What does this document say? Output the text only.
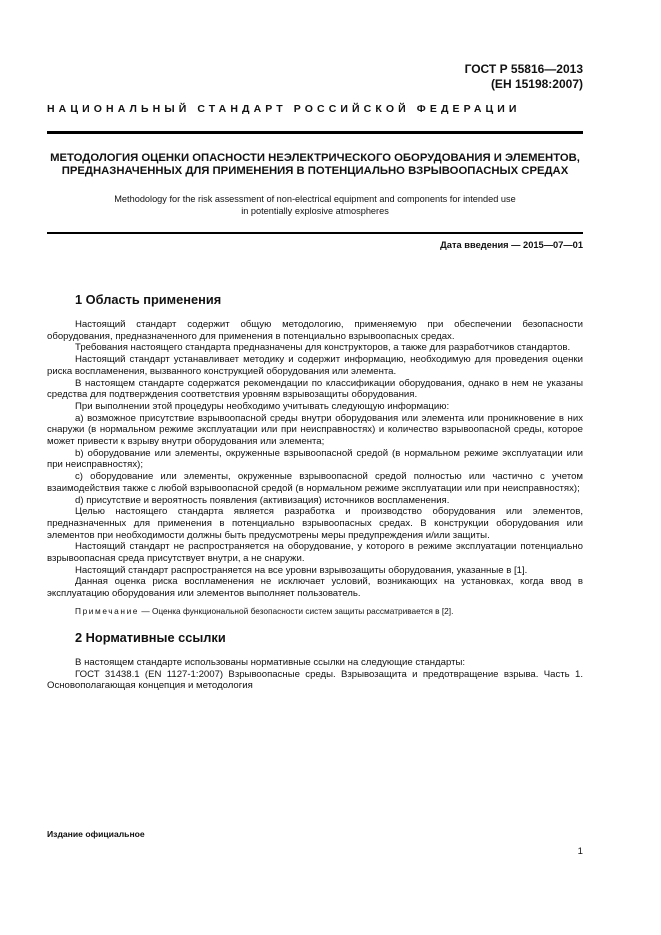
ГОСТ Р 55816—2013
(ЕН 15198:2007)
НАЦИОНАЛЬНЫЙ СТАНДАРТ РОССИЙСКОЙ ФЕДЕРАЦИИ
МЕТОДОЛОГИЯ ОЦЕНКИ ОПАСНОСТИ НЕЭЛЕКТРИЧЕСКОГО ОБОРУДОВАНИЯ И ЭЛЕМЕНТОВ,
ПРЕДНАЗНАЧЕННЫХ ДЛЯ ПРИМЕНЕНИЯ В ПОТЕНЦИАЛЬНО ВЗРЫВООПАСНЫХ СРЕДАХ
Methodology for the risk assessment of non-electrical equipment and components for intended use
in potentially explosive atmospheres
Дата введения — 2015—07—01
1 Область применения

Настоящий стандарт содержит общую методологию, применяемую при обеспечении безопасности оборудования, предназначенного для применения в потенциально взрывоопасных средах.

Требования настоящего стандарта предназначены для конструкторов, а также для разработчиков стандартов.

Настоящий стандарт устанавливает методику и содержит информацию, необходимую для проведения оценки риска воспламенения, вызванного конструкцией оборудования или элемента.

В настоящем стандарте содержатся рекомендации по классификации оборудования, однако в нем не указаны средства для подтверждения соответствия уровням взрывозащиты оборудования.

При выполнении этой процедуры необходимо учитывать следующую информацию:

а) возможное присутствие взрывоопасной среды внутри оборудования или элемента или проникновение в них снаружи (в нормальном режиме эксплуатации или при неисправностях) и количество взрывоопасной среды, которое может привести к взрыву внутри оборудования или элемента;

b) оборудование или элементы, окруженные взрывоопасной средой (в нормальном режиме эксплуатации или при неисправностях);

с) оборудование или элементы, окруженные взрывоопасной средой полностью или частично с учетом взаимодействия также с любой взрывоопасной средой (в нормальном режиме эксплуатации или при неисправностях);

d) присутствие и вероятность появления (активизация) источников воспламенения.

Целью настоящего стандарта является разработка и производство оборудования или элементов, предназначенных для применения в потенциально взрывоопасных средах. В конструкции оборудования или элементов при необходимости должны быть предусмотрены меры предупреждения и/или защиты.

Настоящий стандарт не распространяется на оборудование, у которого в режиме эксплуатации потенциально взрывоопасная среда присутствует внутри, а не снаружи.

Настоящий стандарт распространяется на все уровни взрывозащиты оборудования, указанные в [1].

Данная оценка риска воспламенения не исключает условий, возникающих на установках, когда ввод в эксплуатацию оборудования или элементов выполняет пользователь.

Примечание — Оценка функциональной безопасности систем защиты рассматривается в [2].

2 Нормативные ссылки

В настоящем стандарте использованы нормативные ссылки на следующие стандарты:

ГОСТ 31438.1 (EN 1127-1:2007) Взрывоопасные среды. Взрывозащита и предотвращение взрыва. Часть 1. Основополагающая концепция и методология

Издание официальное
1
